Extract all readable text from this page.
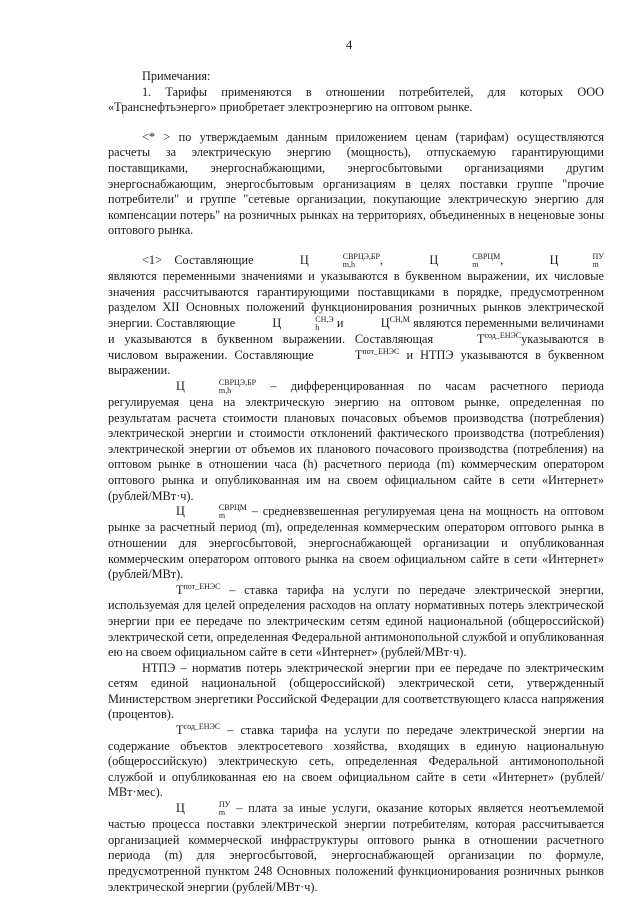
4

Примечания:

1. Тарифы применяются в отношении потребителей, для которых ООО «Транснефтьэнерго» приобретает электроэнергию на оптовом рынке.

<* > по утверждаемым данным приложением ценам (тарифам) осуществляются расчеты за электрическую энергию (мощность), отпускаемую гарантирующими поставщиками, энергоснабжающими, энергосбытовыми организациями другим энергоснабжающим, энергосбытовым организациям в целях поставки группе "прочие потребители" и группе "сетевые организации, покупающие электрическую энергию для компенсации потерь" на розничных рынках на территориях, объединенных в неценовые зоны оптового рынка.

<1> Составляющие	Ц	СВРЦЭ,БР
m,h	,	Ц	СВРЦМ
m	,	Ц	ПУ
m
являются переменными значениями и указываются в буквенном выражении, их числовые значения рассчитываются гарантирующими поставщиками в порядке, предусмотренном разделом XII Основных положений функционирования розничных рынков электрической энергии. Составляющие	Ц	СН,Э
h	и	$Ц^{СН,М}$ являются переменными величинами и указываются в буквенном выражении. Составляющая	$Т^{сод\_ЕНЭС}указываются$ в числовом выражении. Составляющие	$Т^{пот\_ЕНЭС}$ и НТПЭ указываются в буквенном выражении.

Ц	СВРЦЭ,БР
m,h	– дифференцированная по часам расчетного периода регулируемая цена на электрическую энергию на оптовом рынке, определенная по результатам расчета стоимости плановых почасовых объемов производства (потребления) электрической энергии и стоимости отклонений фактического производства (потребления) электрической энергии от объемов их планового почасового производства (потребления) на оптовом рынке в отношении часа (h) расчетного периода (m) коммерческим оператором оптового рынка и опубликованная им на своем официальном сайте в сети «Интернет» (рублей/МВт·ч).

Ц	СВРЦМ
m	– средневзвешенная регулируемая цена на мощность на оптовом рынке за расчетный период (m), определенная коммерческим оператором оптового рынка в отношении для энергосбытовой, энергоснабжающей организации и опубликованная коммерческим оператором оптового рынка на своем официальном сайте в сети «Интернет» (рублей/МВт).

$Т^{пот\_ЕНЭС}$ – ставка тарифа на услуги по передаче электрической энергии, используемая для целей определения расходов на оплату нормативных потерь электрической энергии при ее передаче по электрическим сетям единой национальной (общероссийской) электрической сети, определенная Федеральной антимонопольной службой и опубликованная ею на своем официальном сайте в сети «Интернет» (рублей/МВт·ч).

НТПЭ – норматив потерь электрической энергии при ее передаче по электрическим сетям единой национальной (общероссийской) электрической сети, утвержденный Министерством энергетики Российской Федерации для соответствующего класса напряжения (процентов).

$Т^{сод\_ЕНЭС}$ – ставка тарифа на услуги по передаче электрической энергии на содержание объектов электросетевого хозяйства, входящих в единую национальную (общероссийскую) электрическую сеть, определенная Федеральной антимонопольной службой и опубликованная ею на своем официальном сайте в сети «Интернет» (рублей/МВт·мес).

Ц	ПУ
m – плата за иные услуги, оказание которых является неотъемлемой частью процесса поставки электрической энергии потребителям, которая рассчитывается организацией коммерческой инфраструктуры оптового рынка в отношении расчетного периода (m) для энергосбытовой, энергоснабжающей организации по формуле, предусмотренной пунктом 248 Основных положений функционирования розничных рынков электрической энергии (рублей/МВт·ч).
